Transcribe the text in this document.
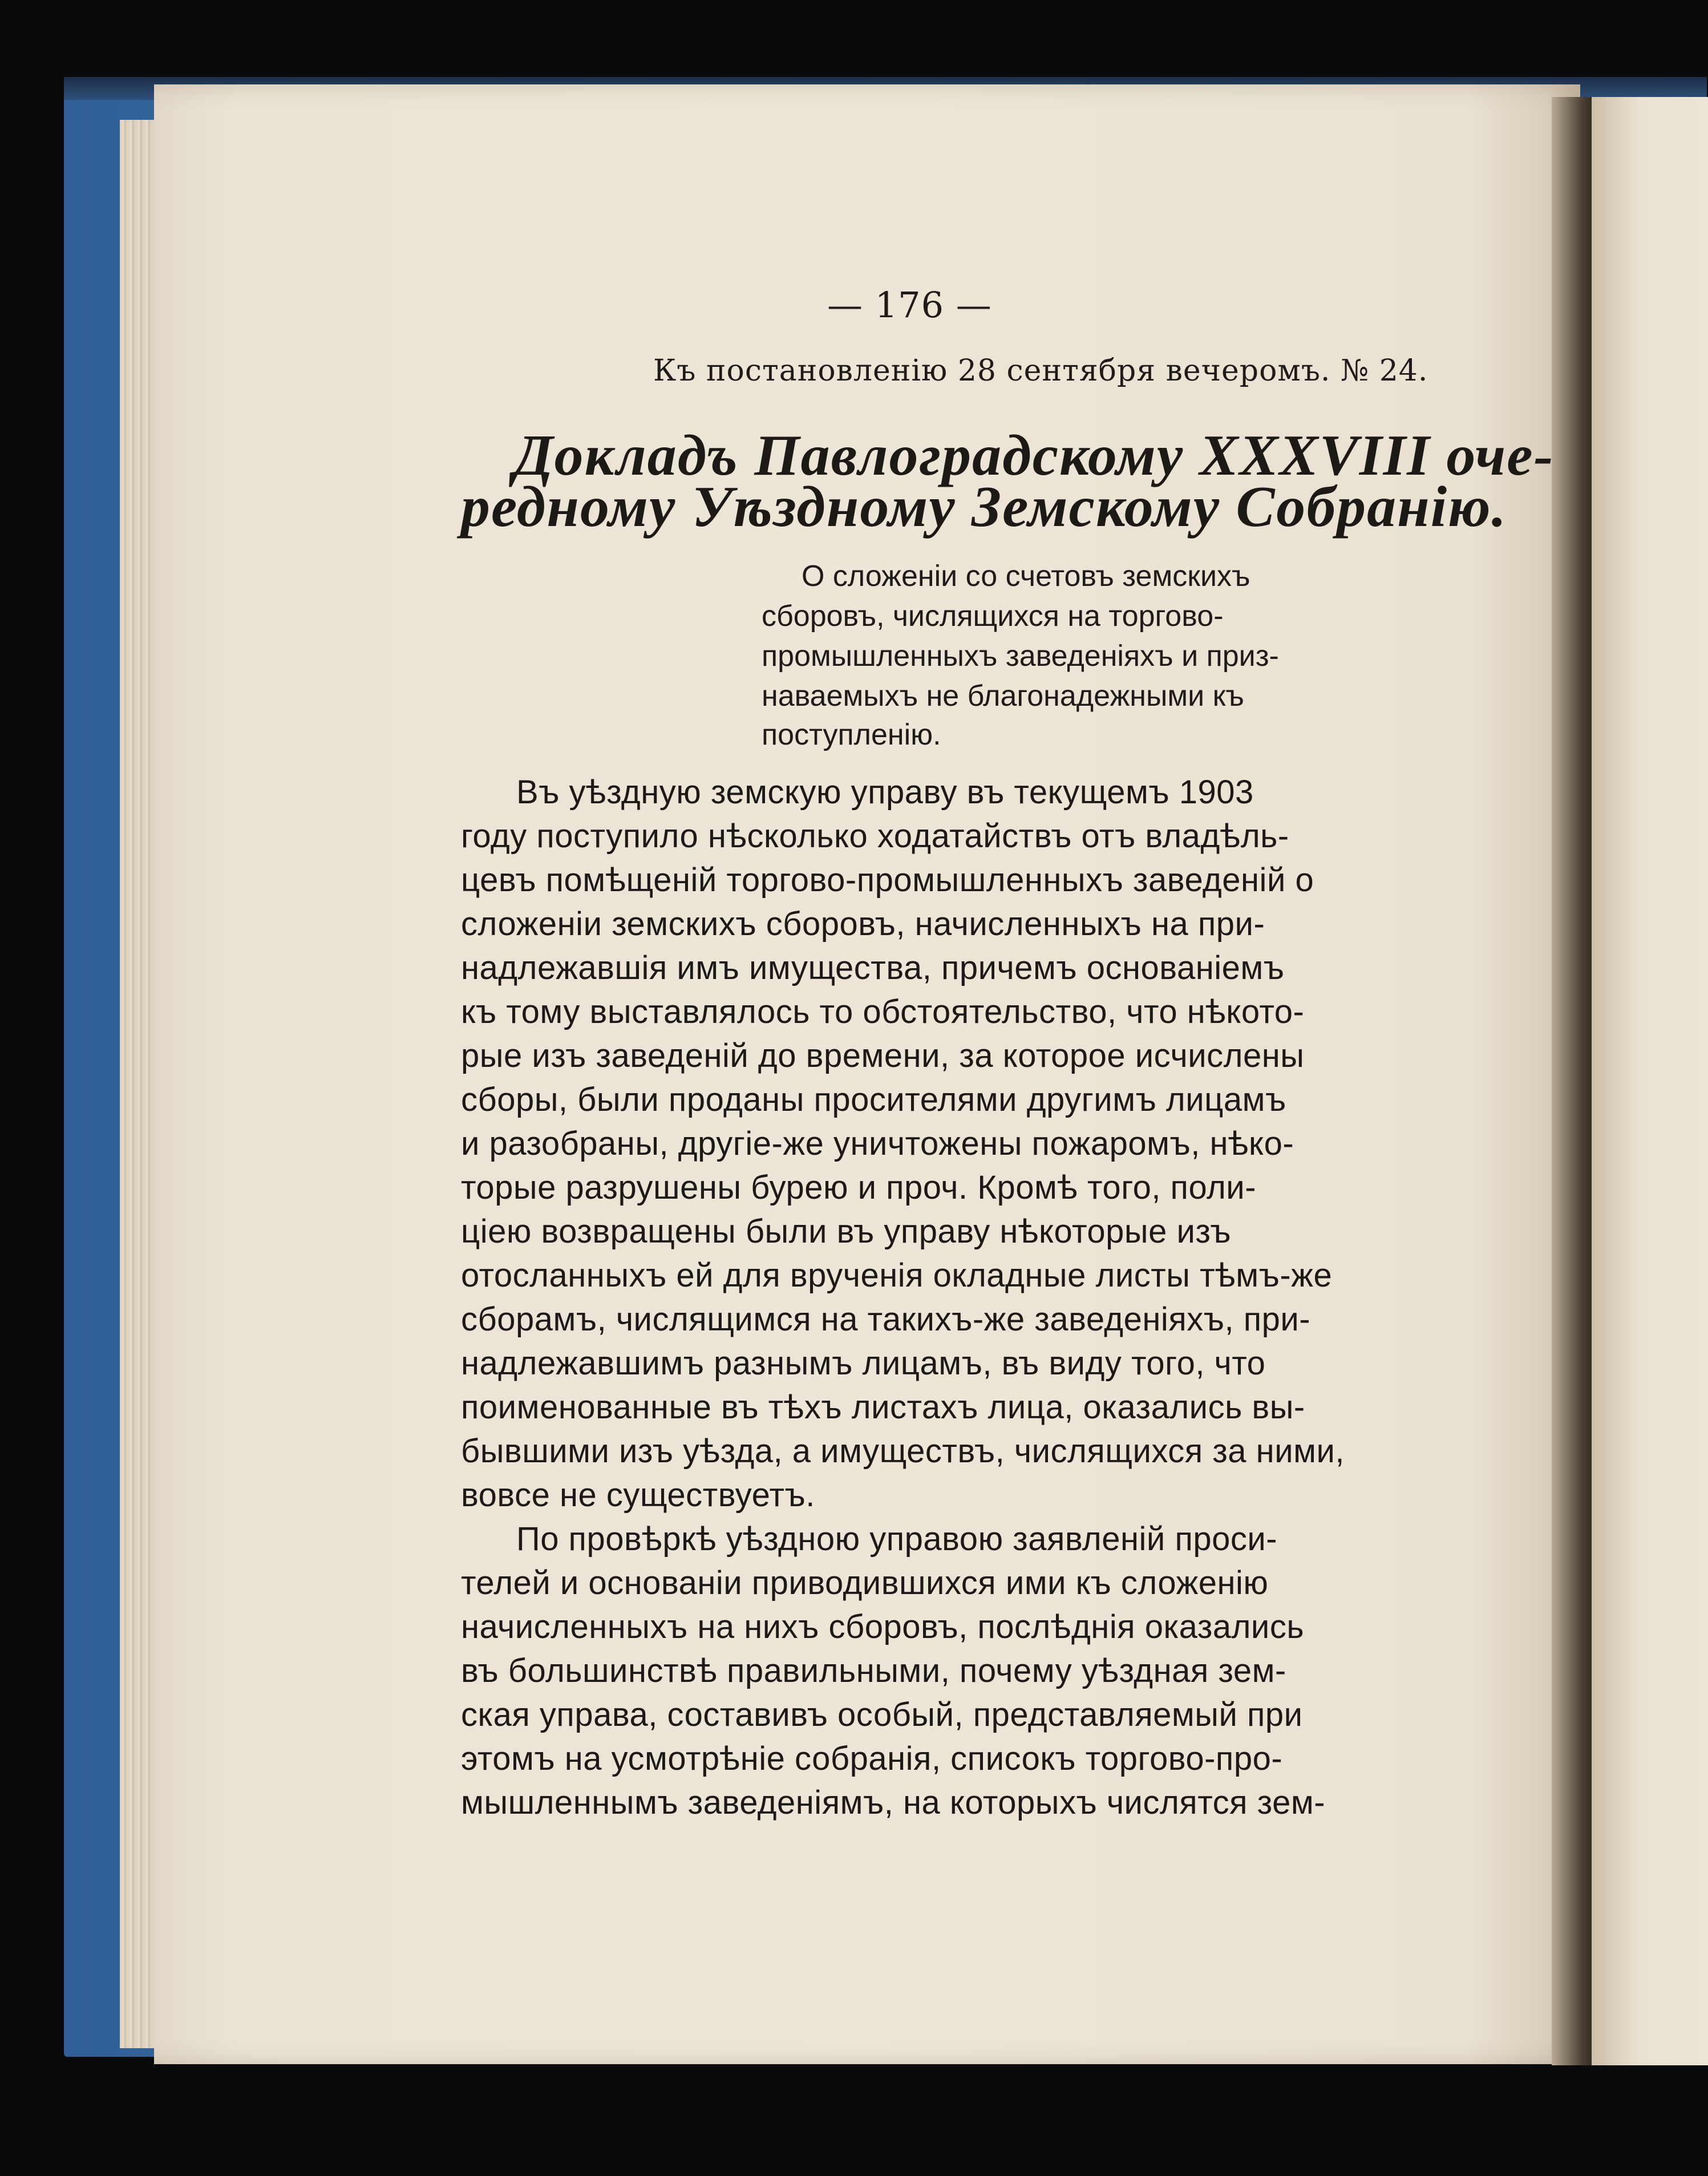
— 176 —
Къ постановленію 28 сентября вечеромъ. № 24.
Докладъ Павлоградскому XXXVIII оче-
редному Уѣздному Земскому Собранію.
О сложеніи со счетовъ земскихъ
сборовъ, числящихся на торгово-
промышленныхъ заведеніяхъ и приз-
наваемыхъ не благонадежными къ
поступленію.
Въ уѣздную земскую управу въ текущемъ 1903
году поступило нѣсколько ходатайствъ отъ владѣль-
цевъ помѣщеній торгово-промышленныхъ заведеній о
сложеніи земскихъ сборовъ, начисленныхъ на при-
надлежавшія имъ имущества, причемъ основаніемъ
къ тому выставлялось то обстоятельство, что нѣкото-
рые изъ заведеній до времени, за которое исчислены
сборы, были проданы просителями другимъ лицамъ
и разобраны, другіе-же уничтожены пожаромъ, нѣко-
торые разрушены бурею и проч. Кромѣ того, поли-
ціею возвращены были въ управу нѣкоторые изъ
отосланныхъ ей для врученія окладные листы тѣмъ-же
сборамъ, числящимся на такихъ-же заведеніяхъ, при-
надлежавшимъ разнымъ лицамъ, въ виду того, что
поименованные въ тѣхъ листахъ лица, оказались вы-
бывшими изъ уѣзда, а имуществъ, числящихся за ними,
вовсе не существуетъ.
По провѣркѣ уѣздною управою заявленій проси-
телей и основаніи приводившихся ими къ сложенію
начисленныхъ на нихъ сборовъ, послѣднія оказались
въ большинствѣ правильными, почему уѣздная зем-
ская управа, составивъ особый, представляемый при
этомъ на усмотрѣніе собранія, списокъ торгово-про-
мышленнымъ заведеніямъ, на которыхъ числятся зем-
